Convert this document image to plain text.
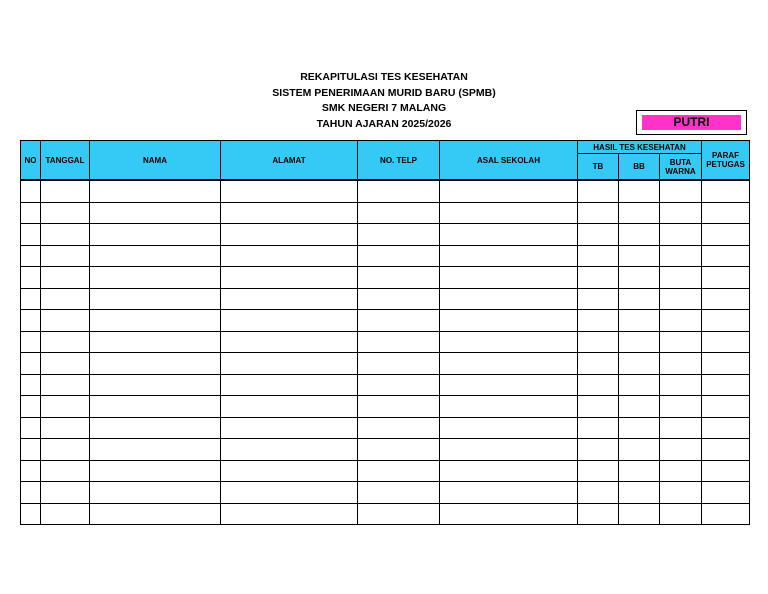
REKAPITULASI TES KESEHATAN
SISTEM PENERIMAAN MURID BARU (SPMB)
SMK NEGERI 7 MALANG
TAHUN AJARAN 2025/2026	PUTRI
NO	TANGGAL	NAMA	ALAMAT	NO. TELP	ASAL SEKOLAH	HASIL TES KESEHATAN			PARAF
PETUGAS
						TB	BB	BUTA
WARNA	
